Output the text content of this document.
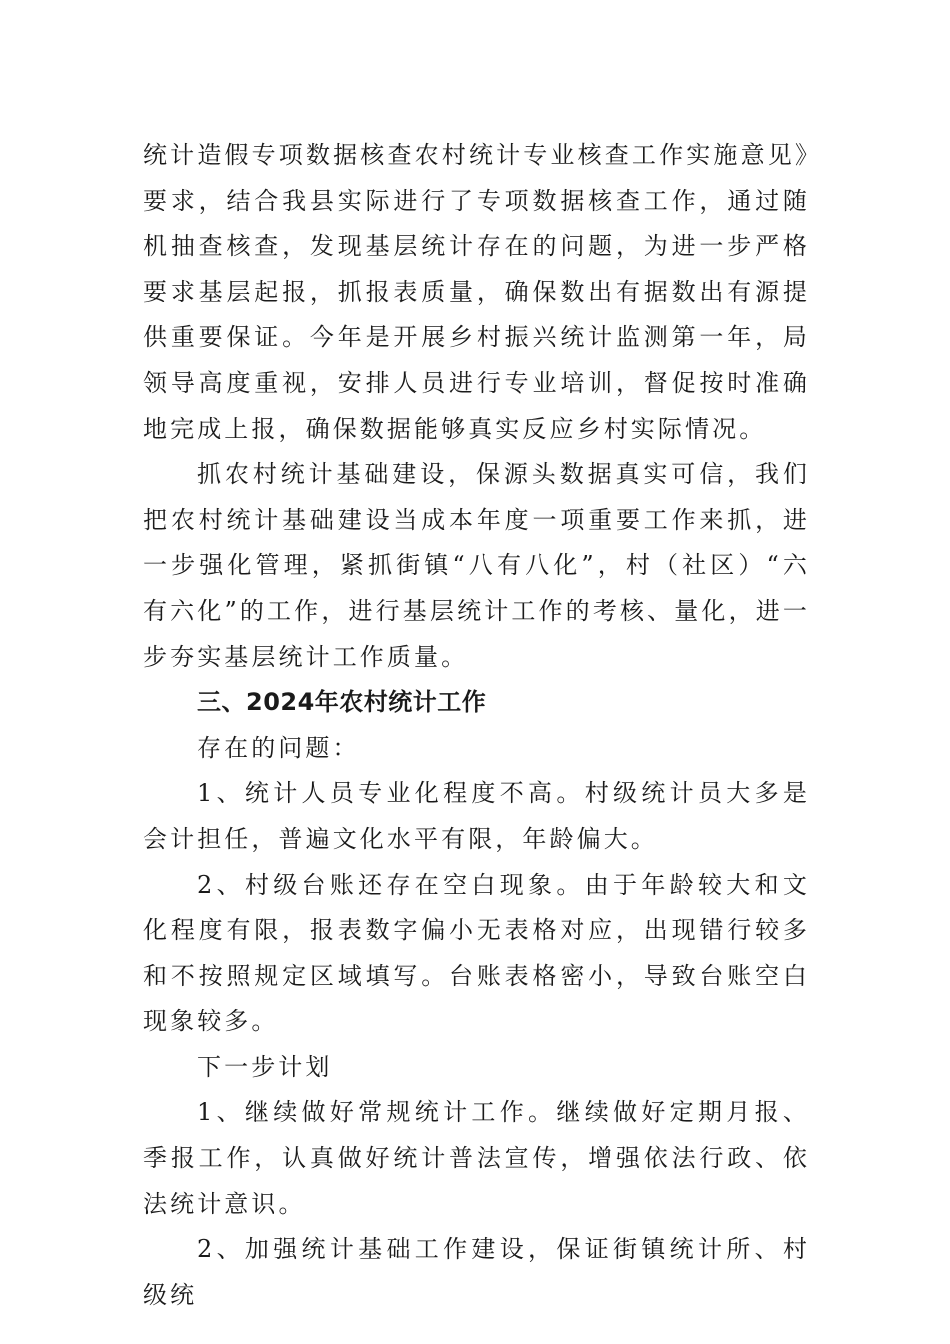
统计造假专项数据核查农村统计专业核查工作实施意见》要求，结合我县实际进行了专项数据核查工作，通过随机抽查核查，发现基层统计存在的问题，为进一步严格要求基层起报，抓报表质量，确保数出有据数出有源提供重要保证。今年是开展乡村振兴统计监测第一年，局领导高度重视，安排人员进行专业培训，督促按时准确地完成上报，确保数据能够真实反应乡村实际情况。

抓农村统计基础建设，保源头数据真实可信，我们把农村统计基础建设当成本年度一项重要工作来抓，进一步强化管理，紧抓街镇“八有八化”，村（社区）“六有六化”的工作，进行基层统计工作的考核、量化，进一步夯实基层统计工作质量。

三、2024年农村统计工作

存在的问题：

1、统计人员专业化程度不高。村级统计员大多是会计担任，普遍文化水平有限，年龄偏大。

2、村级台账还存在空白现象。由于年龄较大和文化程度有限，报表数字偏小无表格对应，出现错行较多和不按照规定区域填写。台账表格密小，导致台账空白现象较多。

下一步计划

1、继续做好常规统计工作。继续做好定期月报、季报工作，认真做好统计普法宣传，增强依法行政、依法统计意识。

2、加强统计基础工作建设，保证街镇统计所、村级统
